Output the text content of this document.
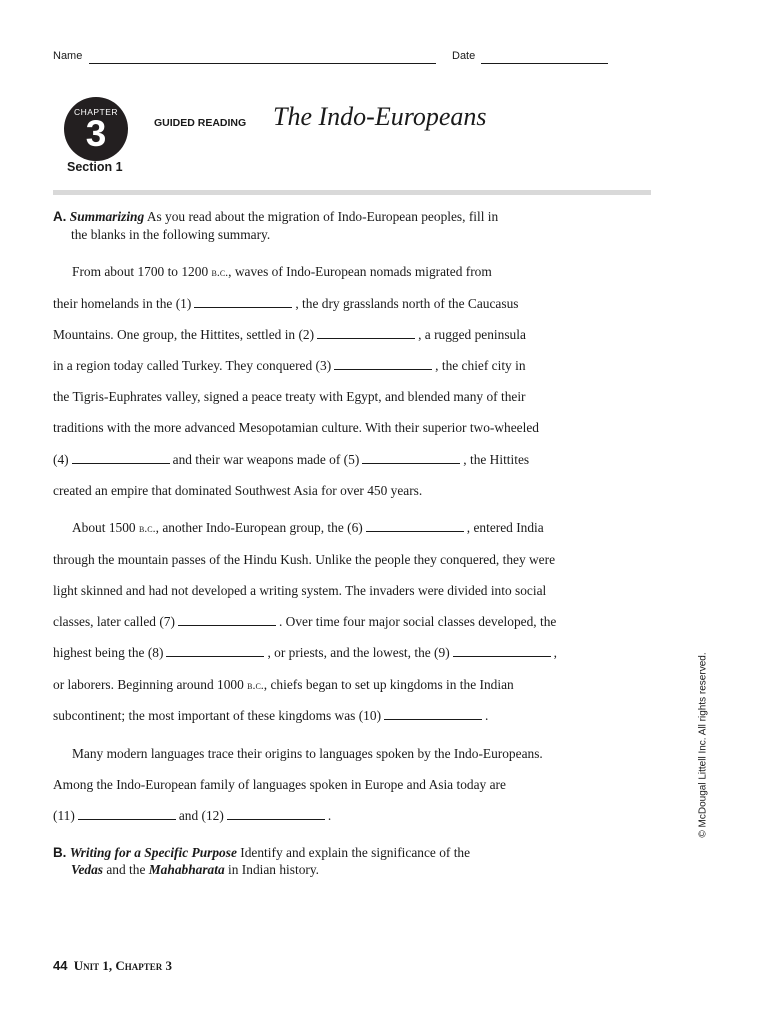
Name	Date
CHAPTER
3
Section 1
GUIDED READING The Indo-Europeans
A. Summarizing As you read about the migration of Indo-European peoples, fill in
the blanks in the following summary.
From about 1700 to 1200 b.c., waves of Indo-European nomads migrated from
their homelands in the (1)	, the dry grasslands north of the Caucasus
Mountains. One group, the Hittites, settled in (2)	, a rugged peninsula
in a region today called Turkey. They conquered (3)	, the chief city in
the Tigris-Euphrates valley, signed a peace treaty with Egypt, and blended many of their
traditions with the more advanced Mesopotamian culture. With their superior two-wheeled
(4)	and their war weapons made of (5)	, the Hittites
created an empire that dominated Southwest Asia for over 450 years.
About 1500 b.c., another Indo-European group, the (6)	, entered India
through the mountain passes of the Hindu Kush. Unlike the people they conquered, they were
light skinned and had not developed a writing system. The invaders were divided into social
classes, later called (7)	. Over time four major social classes developed, the
highest being the (8)	, or priests, and the lowest, the (9)	,
or laborers. Beginning around 1000 b.c., chiefs began to set up kingdoms in the Indian
subcontinent; the most important of these kingdoms was (10)	.
Many modern languages trace their origins to languages spoken by the Indo-Europeans.
Among the Indo-European family of languages spoken in Europe and Asia today are
(11)	and (12)	.
B. Writing for a Specific Purpose Identify and explain the significance of the
Vedas and the Mahabharata in Indian history.
44 Unit 1, Chapter 3
© McDougal Littell Inc. All rights reserved.
